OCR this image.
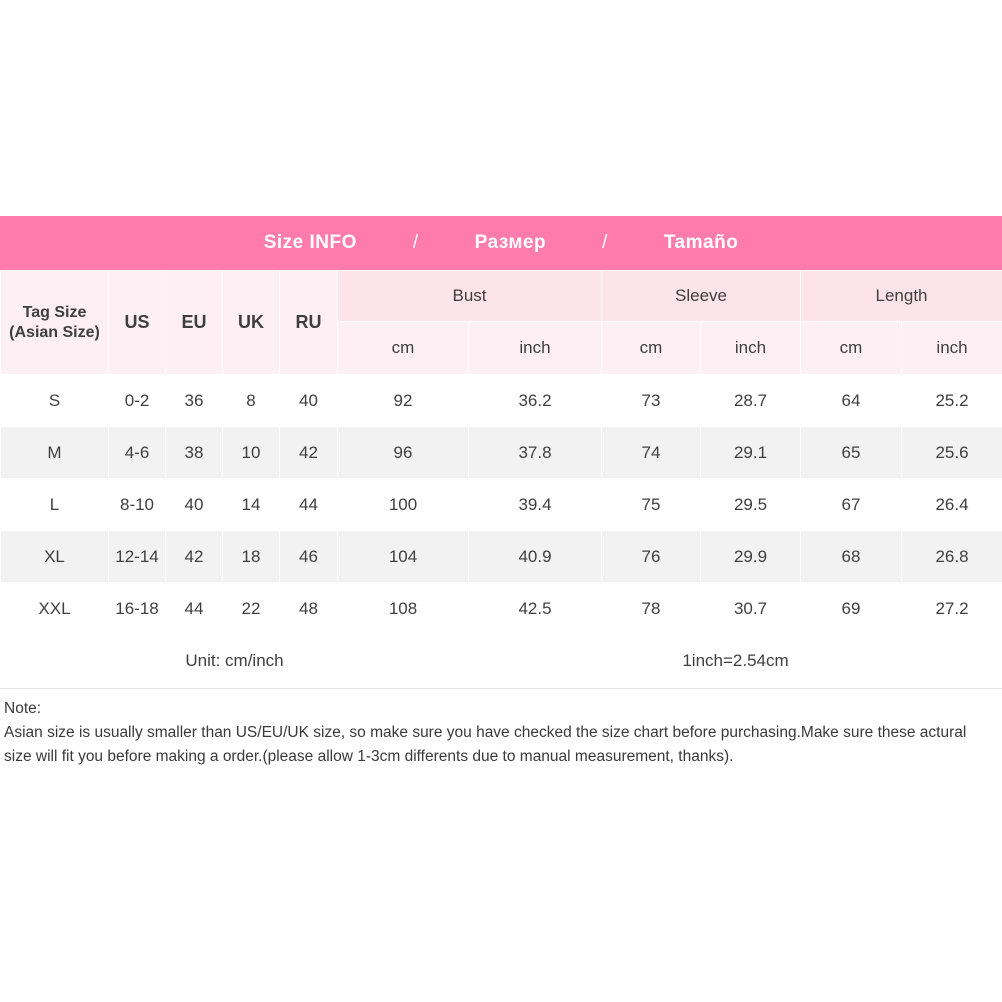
Size INFO	/	Размер	/	Tamaño
Tag Size
(Asian Size)	US	EU	UK	RU	Bust		Sleeve		Length	
					cm	inch	cm	inch	cm	inch
S	0-2	36	8	40	92	36.2	73	28.7	64	25.2
M	4-6	38	10	42	96	37.8	74	29.1	65	25.6
L	8-10	40	14	44	100	39.4	75	29.5	67	26.4
XL	12-14	42	18	46	104	40.9	76	29.9	68	26.8
XXL	16-18	44	22	48	108	42.5	78	30.7	69	27.2
Unit: cm/inch						1inch=2.54cm				
Note:
Asian size is usually smaller than US/EU/UK size, so make sure you have checked the size chart before purchasing.Make sure these actural size will fit you before making a order.(please allow 1-3cm differents due to manual measurement, thanks).
